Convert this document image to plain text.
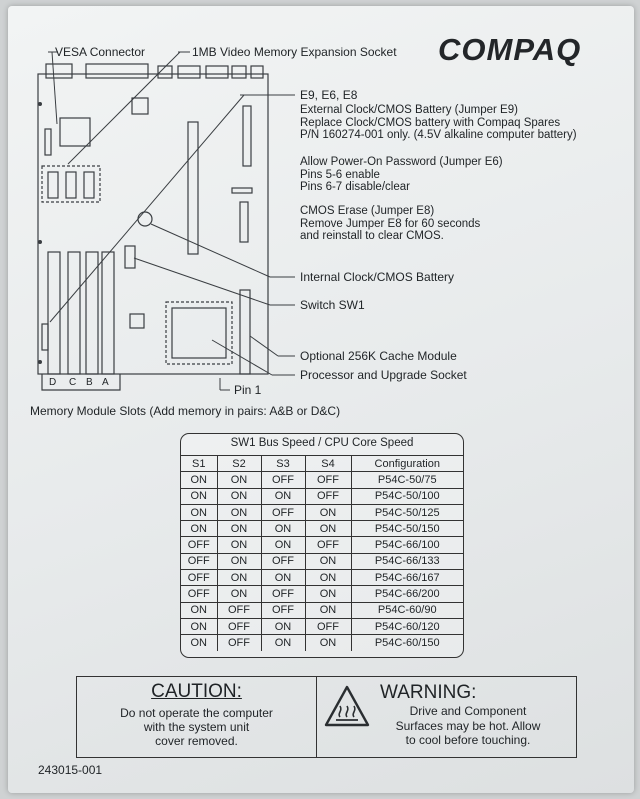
COMPAQ
VESA Connector	1MB Video Memory Expansion Socket
E9, E6, E8
External Clock/CMOS Battery (Jumper E9)
Replace Clock/CMOS battery with Compaq Spares
P/N 160274-001 only. (4.5V alkaline computer battery)
Allow Power-On Password (Jumper E6)
Pins 5-6 enable
Pins 6-7 disable/clear
CMOS Erase (Jumper E8)
Remove Jumper E8 for 60 seconds
and reinstall to clear CMOS.
Internal Clock/CMOS Battery
Switch SW1
Optional 256K Cache Module
Processor and Upgrade Socket
Pin 1
D C B A
Memory Module Slots (Add memory in pairs: A&B or D&C)
SW1 Bus Speed / CPU Core Speed
S1	S2	S3	S4	Configuration
ON	ON	OFF	OFF	P54C-50/75
ON	ON	ON	OFF	P54C-50/100
ON	ON	OFF	ON	P54C-50/125
ON	ON	ON	ON	P54C-50/150
OFF	ON	ON	OFF	P54C-66/100
OFF	ON	OFF	ON	P54C-66/133
OFF	ON	ON	ON	P54C-66/167
OFF	ON	OFF	ON	P54C-66/200
ON	OFF	OFF	ON	P54C-60/90
ON	OFF	ON	OFF	P54C-60/120
ON	OFF	ON	ON	P54C-60/150
CAUTION:
Do not operate the computer
with the system unit
cover removed.
WARNING:
Drive and Component
Surfaces may be hot. Allow
to cool before touching.
243015-001
